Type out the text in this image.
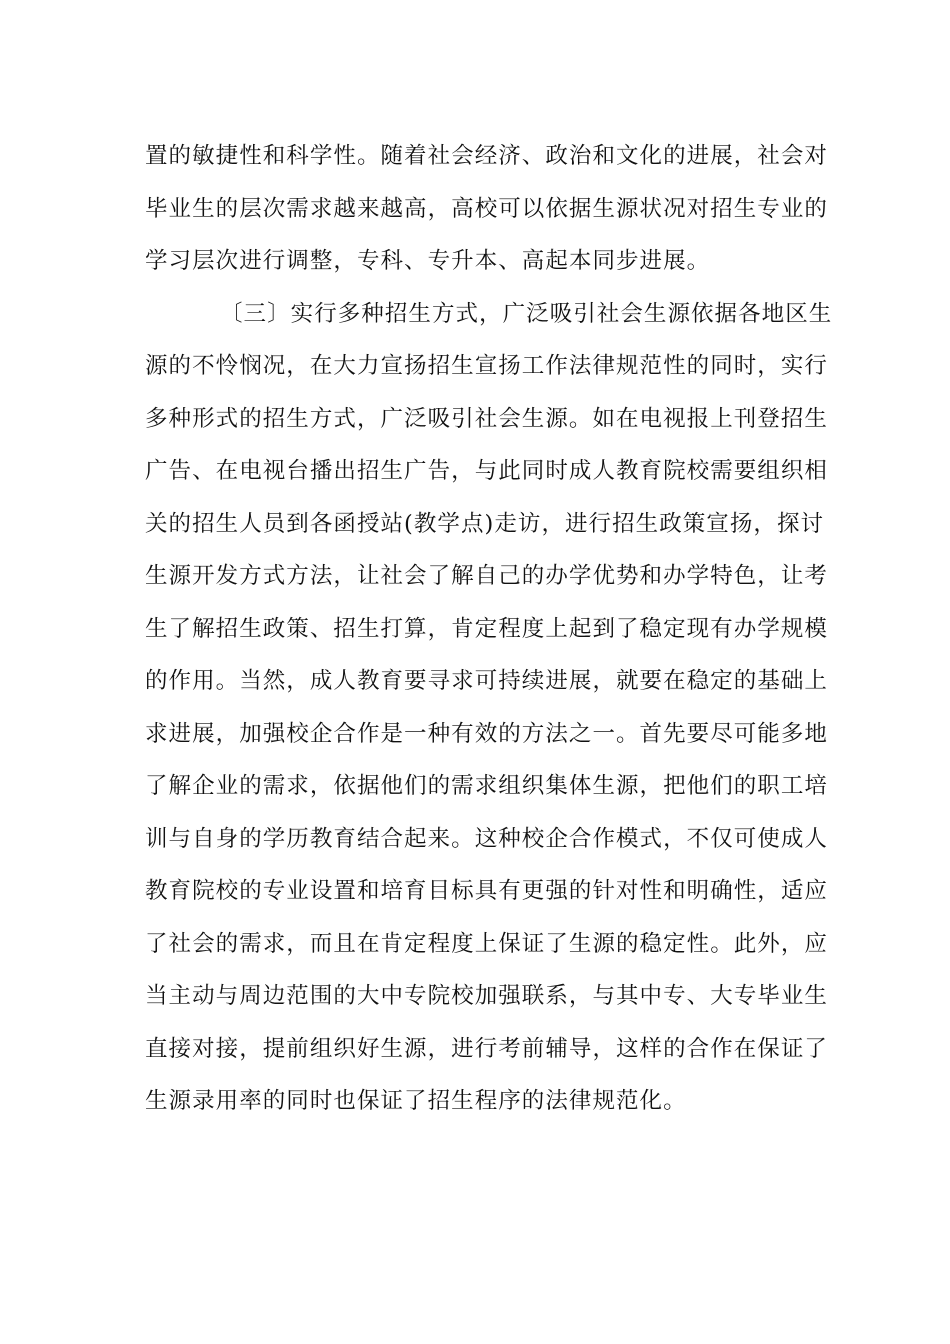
置的敏捷性和科学性。随着社会经济、政治和文化的进展，社会对
毕业生的层次需求越来越高，高校可以依据生源状况对招生专业的
学习层次进行调整，专科、专升本、高起本同步进展。
〔三〕实行多种招生方式，广泛吸引社会生源依据各地区生
源的不怜悯况，在大力宣扬招生宣扬工作法律规范性的同时，实行
多种形式的招生方式，广泛吸引社会生源。如在电视报上刊登招生
广告、在电视台播出招生广告，与此同时成人教育院校需要组织相
关的招生人员到各函授站(教学点)走访，进行招生政策宣扬，探讨
生源开发方式方法，让社会了解自己的办学优势和办学特色，让考
生了解招生政策、招生打算，肯定程度上起到了稳定现有办学规模
的作用。当然，成人教育要寻求可持续进展，就要在稳定的基础上
求进展，加强校企合作是一种有效的方法之一。首先要尽可能多地
了解企业的需求，依据他们的需求组织集体生源，把他们的职工培
训与自身的学历教育结合起来。这种校企合作模式，不仅可使成人
教育院校的专业设置和培育目标具有更强的针对性和明确性，适应
了社会的需求，而且在肯定程度上保证了生源的稳定性。此外，应
当主动与周边范围的大中专院校加强联系，与其中专、大专毕业生
直接对接，提前组织好生源，进行考前辅导，这样的合作在保证了
生源录用率的同时也保证了招生程序的法律规范化。
